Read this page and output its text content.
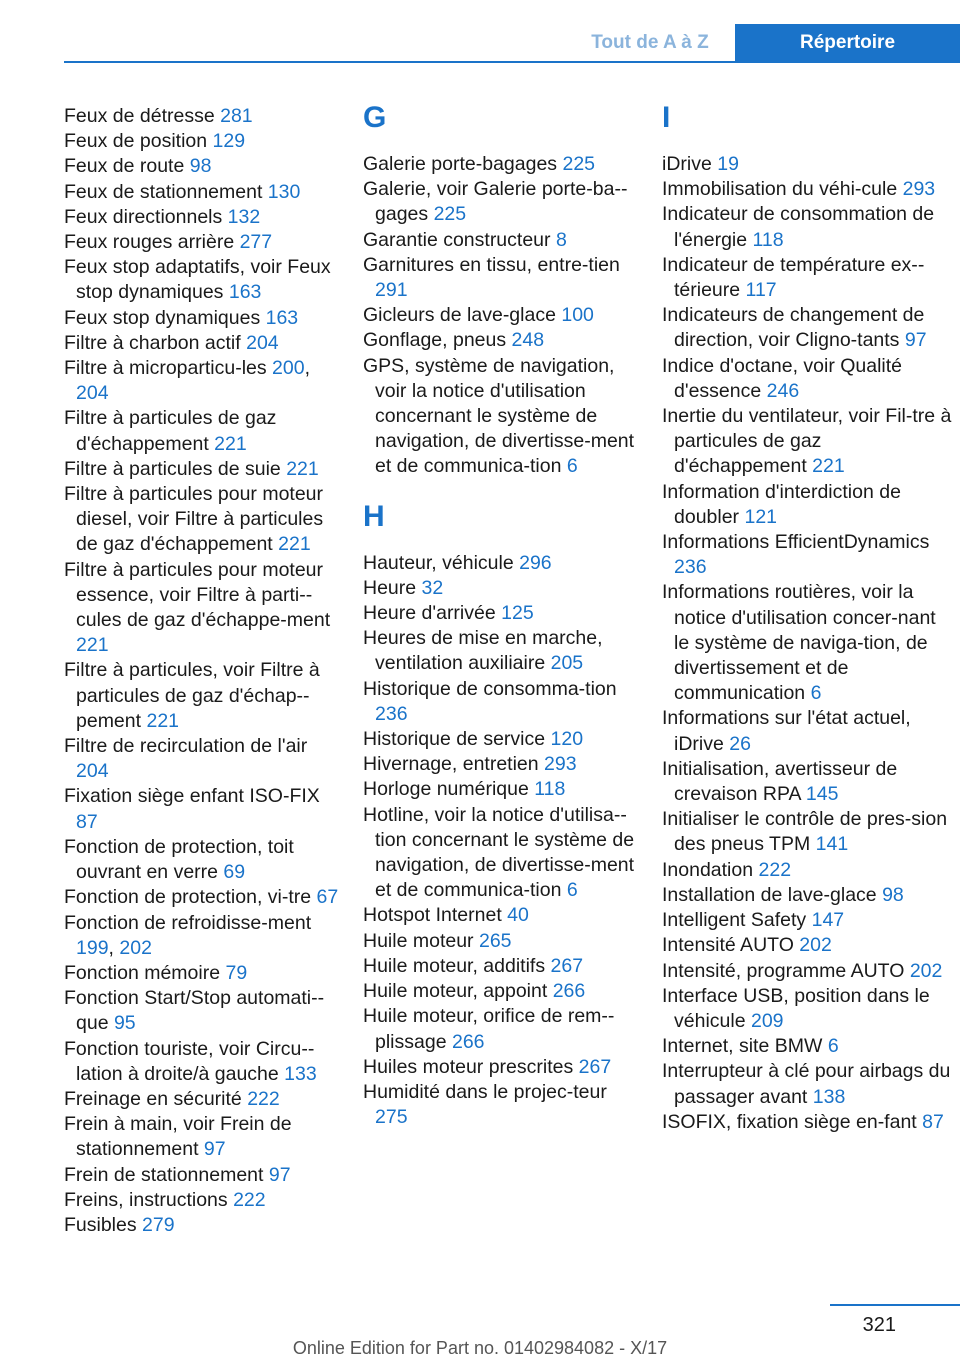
Tout de A à Z	Répertoire
Feux de détresse 281
Feux de position 129
Feux de route 98
Feux de stationnement 130
Feux directionnels 132
Feux rouges arrière 277
Feux stop adaptatifs, voir Feux stop dynamiques 163
Feux stop dynamiques 163
Filtre à charbon actif 204
Filtre à microparticu-les 200, 204
Filtre à particules de gaz d'échappement 221
Filtre à particules de suie 221
Filtre à particules pour moteur diesel, voir Filtre à particules de gaz d'échappement 221
Filtre à particules pour moteur essence, voir Filtre à parti-cules de gaz d'échappe-ment 221
Filtre à particules, voir Filtre à particules de gaz d'échap-pement 221
Filtre de recirculation de l'air 204
Fixation siège enfant ISO-FIX 87
Fonction de protection, toit ouvrant en verre 69
Fonction de protection, vi-tre 67
Fonction de refroidisse-ment 199, 202
Fonction mémoire 79
Fonction Start/Stop automati-que 95
Fonction touriste, voir Circu-lation à droite/à gauche 133
Freinage en sécurité 222
Frein à main, voir Frein de stationnement 97
Frein de stationnement 97
Freins, instructions 222
Fusibles 279
G
Galerie porte-bagages 225
Galerie, voir Galerie porte-ba-gages 225
Garantie constructeur 8
Garnitures en tissu, entre-tien 291
Gicleurs de lave-glace 100
Gonflage, pneus 248
GPS, système de navigation, voir la notice d'utilisation concernant le système de navigation, de divertisse-ment et de communica-tion 6
H
Hauteur, véhicule 296
Heure 32
Heure d'arrivée 125
Heures de mise en marche, ventilation auxiliaire 205
Historique de consomma-tion 236
Historique de service 120
Hivernage, entretien 293
Horloge numérique 118
Hotline, voir la notice d'utilisa-tion concernant le système de navigation, de divertisse-ment et de communica-tion 6
Hotspot Internet 40
Huile moteur 265
Huile moteur, additifs 267
Huile moteur, appoint 266
Huile moteur, orifice de rem-plissage 266
Huiles moteur prescrites 267
Humidité dans le projec-teur 275
I
iDrive 19
Immobilisation du véhi-cule 293
Indicateur de consommation de l'énergie 118
Indicateur de température ex-térieure 117
Indicateurs de changement de direction, voir Cligno-tants 97
Indice d'octane, voir Qualité d'essence 246
Inertie du ventilateur, voir Fil-tre à particules de gaz d'échappement 221
Information d'interdiction de doubler 121
Informations EfficientDynamics 236
Informations routières, voir la notice d'utilisation concer-nant le système de naviga-tion, de divertissement et de communication 6
Informations sur l'état actuel, iDrive 26
Initialisation, avertisseur de crevaison RPA 145
Initialiser le contrôle de pres-sion des pneus TPM 141
Inondation 222
Installation de lave-glace 98
Intelligent Safety 147
Intensité AUTO 202
Intensité, programme AUTO 202
Interface USB, position dans le véhicule 209
Internet, site BMW 6
Interrupteur à clé pour airbags du passager avant 138
ISOFIX, fixation siège en-fant 87
321
Online Edition for Part no. 01402984082 - X/17
